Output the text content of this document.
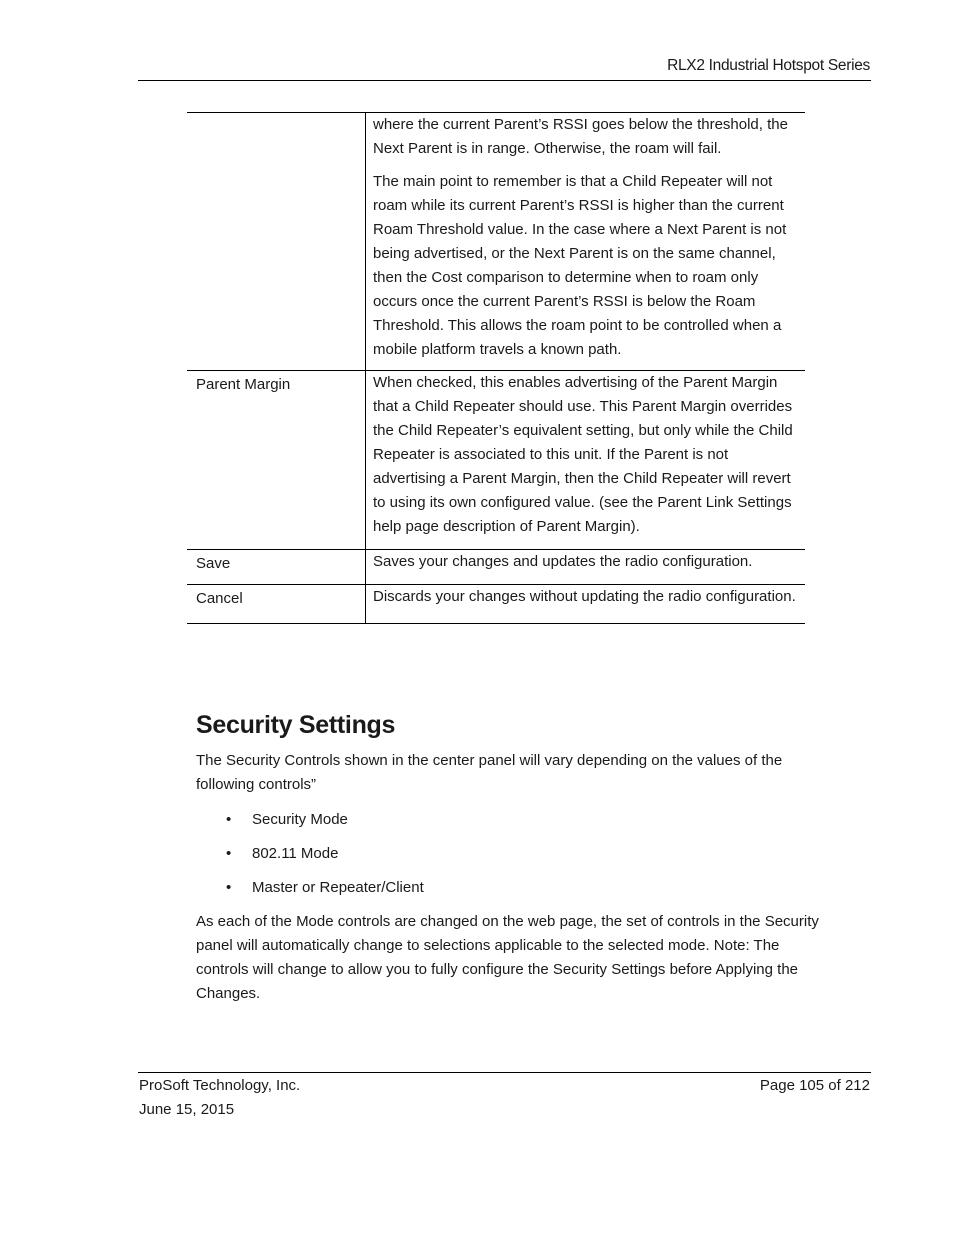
RLX2 Industrial Hotspot Series

	where the current Parent’s RSSI goes below the threshold, the Next Parent is in range. Otherwise, the roam will fail.

The main point to remember is that a Child Repeater will not roam while its current Parent’s RSSI is higher than the current Roam Threshold value. In the case where a Next Parent is not being advertised, or the Next Parent is on the same channel, then the Cost comparison to determine when to roam only occurs once the current Parent’s RSSI is below the Roam Threshold. This allows the roam point to be controlled when a mobile platform travels a known path.

Parent Margin	When checked, this enables advertising of the Parent Margin that a Child Repeater should use. This Parent Margin overrides the Child Repeater’s equivalent setting, but only while the Child Repeater is associated to this unit. If the Parent is not advertising a Parent Margin, then the Child Repeater will revert to using its own configured value. (see the Parent Link Settings help page description of Parent Margin).

Save	Saves your changes and updates the radio configuration.

Cancel	Discards your changes without updating the radio configuration.

Security Settings

The Security Controls shown in the center panel will vary depending on the values of the following controls”

• Security Mode
• 802.11 Mode
• Master or Repeater/Client

As each of the Mode controls are changed on the web page, the set of controls in the Security panel will automatically change to selections applicable to the selected mode. Note: The controls will change to allow you to fully configure the Security Settings before Applying the Changes.

ProSoft Technology, Inc.
June 15, 2015
Page 105 of 212
